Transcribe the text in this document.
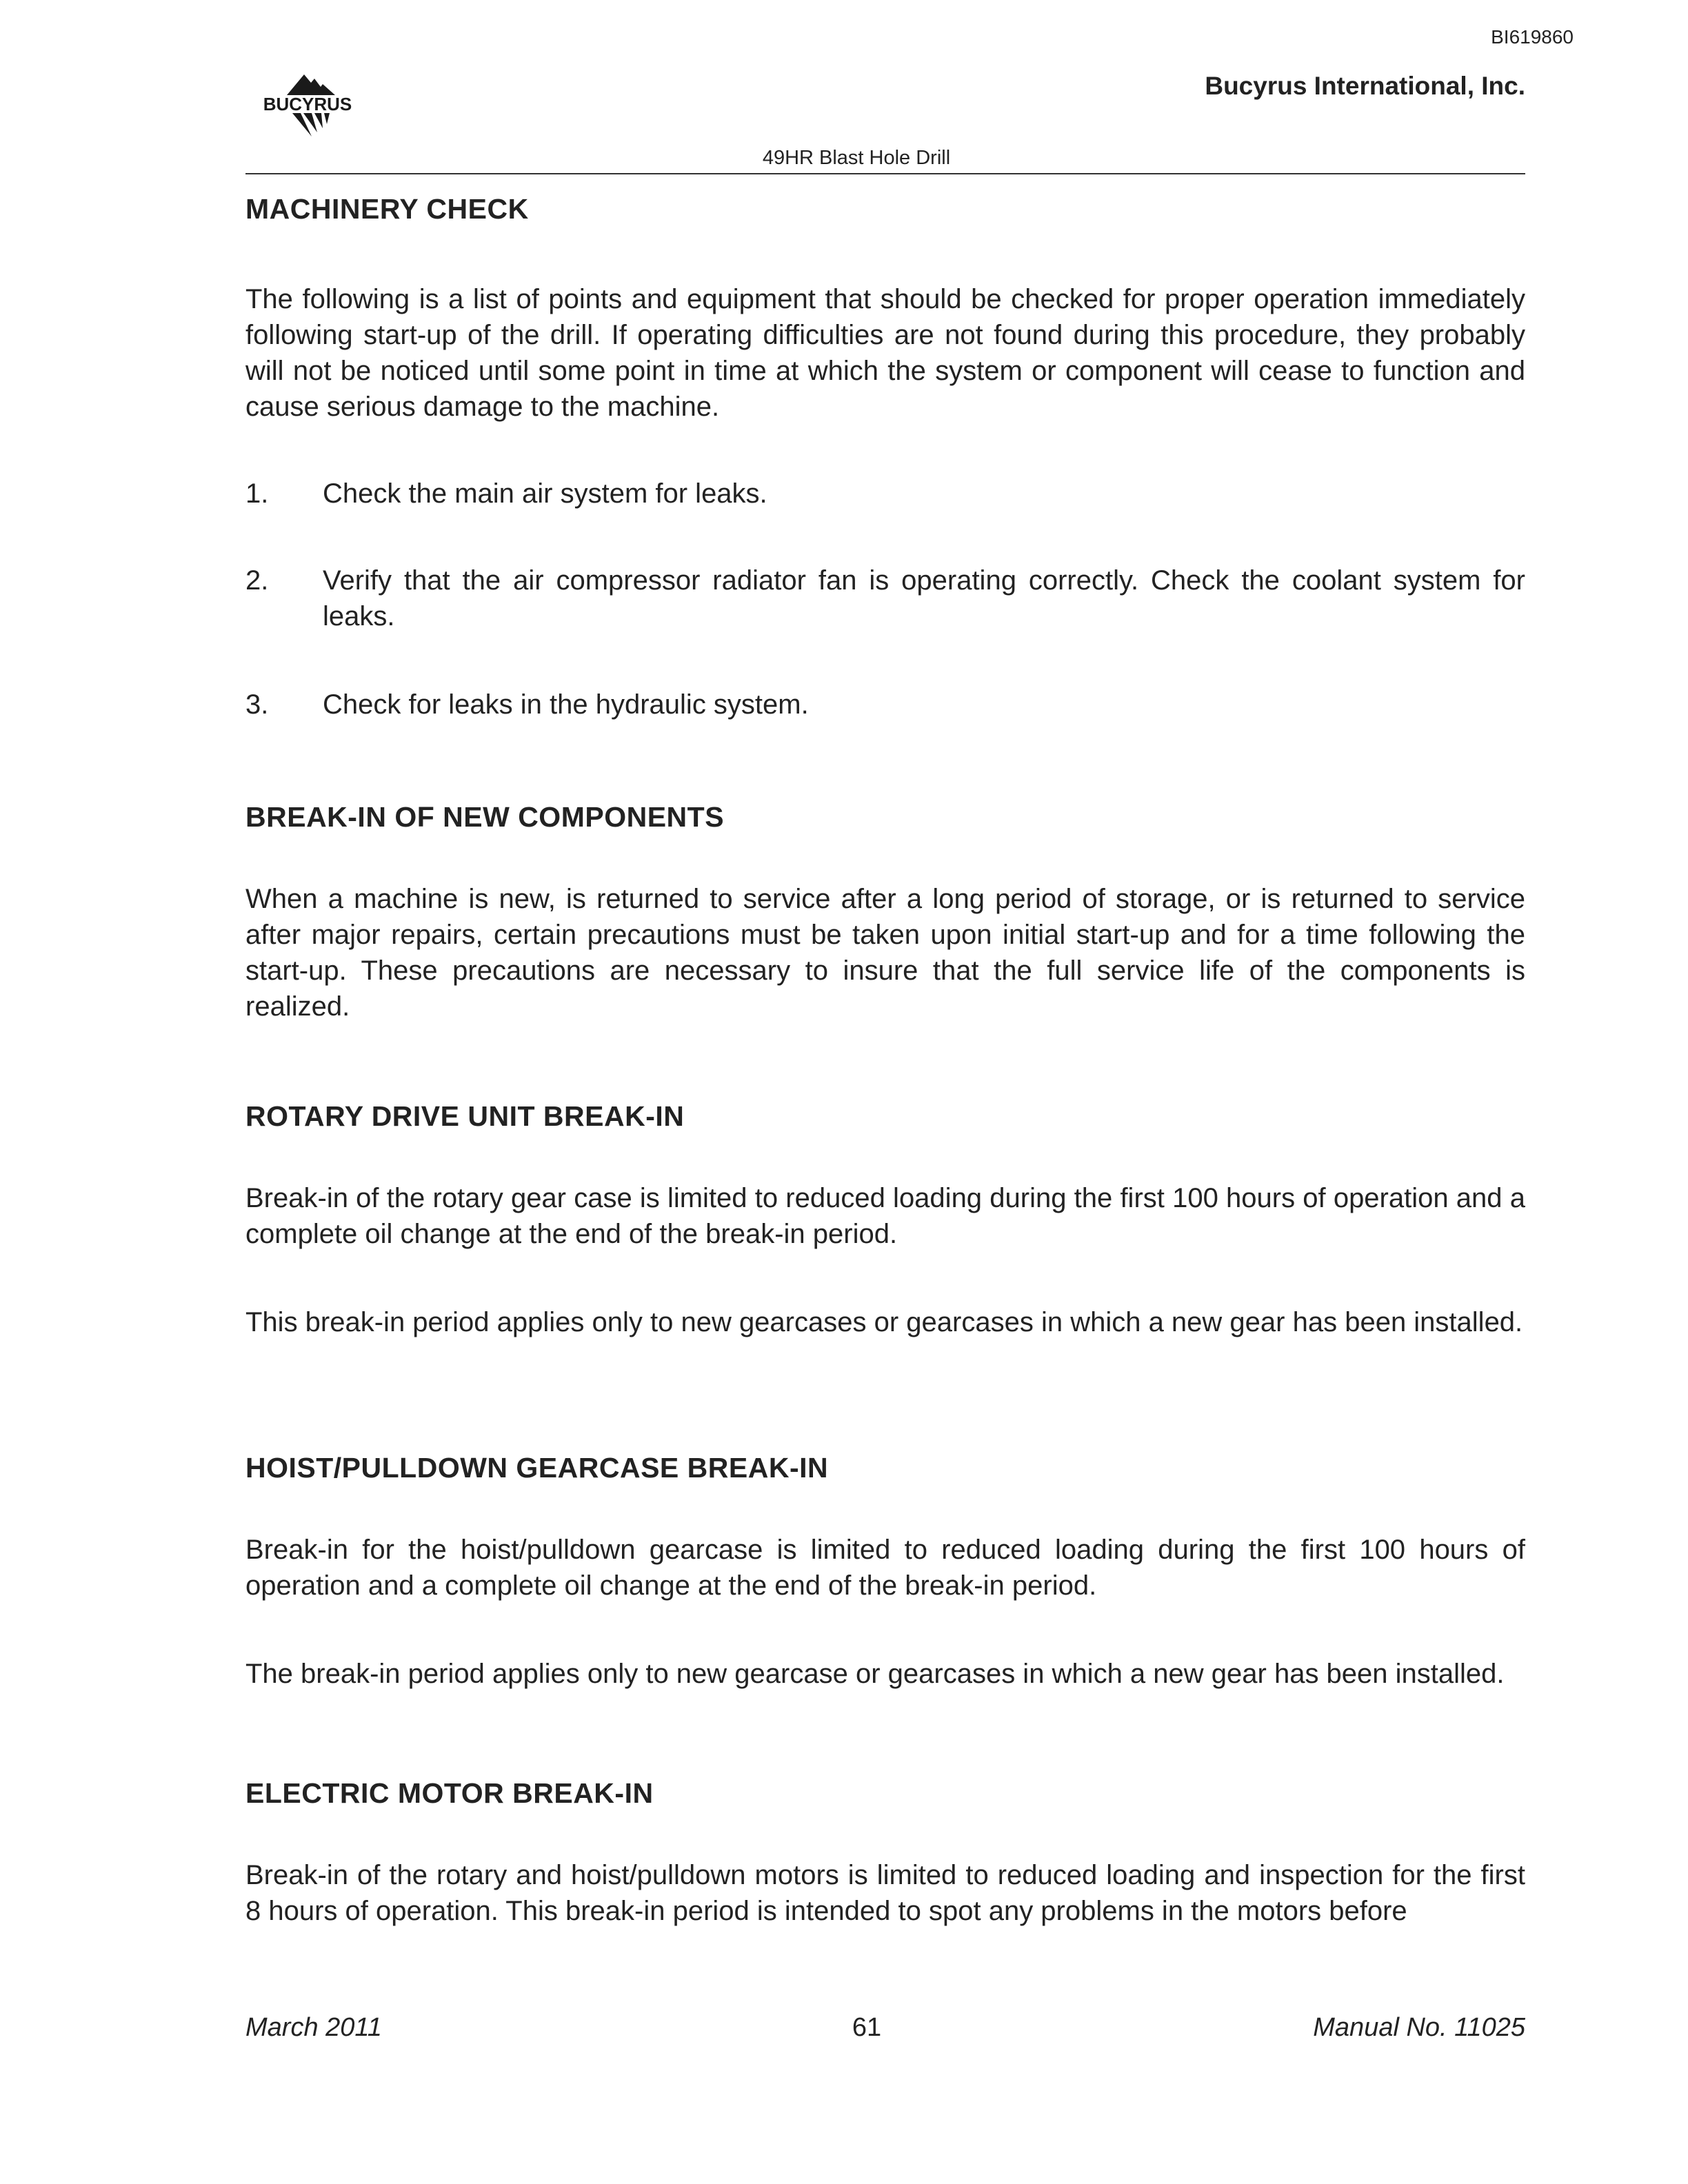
BI619860
BUCYRUS
Bucyrus International, Inc.
49HR Blast Hole Drill
MACHINERY CHECK

The following is a list of points and equipment that should be checked for proper operation immediately following start-up of the drill. If operating difficulties are not found during this procedure, they probably will not be noticed until some point in time at which the system or component will cease to function and cause serious damage to the machine.

1.	Check the main air system for leaks.
2.	Verify that the air compressor radiator fan is operating correctly. Check the coolant system for leaks.
3.	Check for leaks in the hydraulic system.
BREAK-IN OF NEW COMPONENTS

When a machine is new, is returned to service after a long period of storage, or is returned to service after major repairs, certain precautions must be taken upon initial start-up and for a time following the start-up. These precautions are necessary to insure that the full service life of the components is realized.

ROTARY DRIVE UNIT BREAK-IN

Break-in of the rotary gear case is limited to reduced loading during the first 100 hours of operation and a complete oil change at the end of the break-in period.

This break-in period applies only to new gearcases or gearcases in which a new gear has been installed.

HOIST/PULLDOWN GEARCASE BREAK-IN

Break-in for the hoist/pulldown gearcase is limited to reduced loading during the first 100 hours of operation and a complete oil change at the end of the break-in period.

The break-in period applies only to new gearcase or gearcases in which a new gear has been installed.

ELECTRIC MOTOR BREAK-IN

Break-in of the rotary and hoist/pulldown motors is limited to reduced loading and inspection for the first 8 hours of operation. This break-in period is intended to spot any problems in the motors before

March 2011	61	Manual No. 11025
